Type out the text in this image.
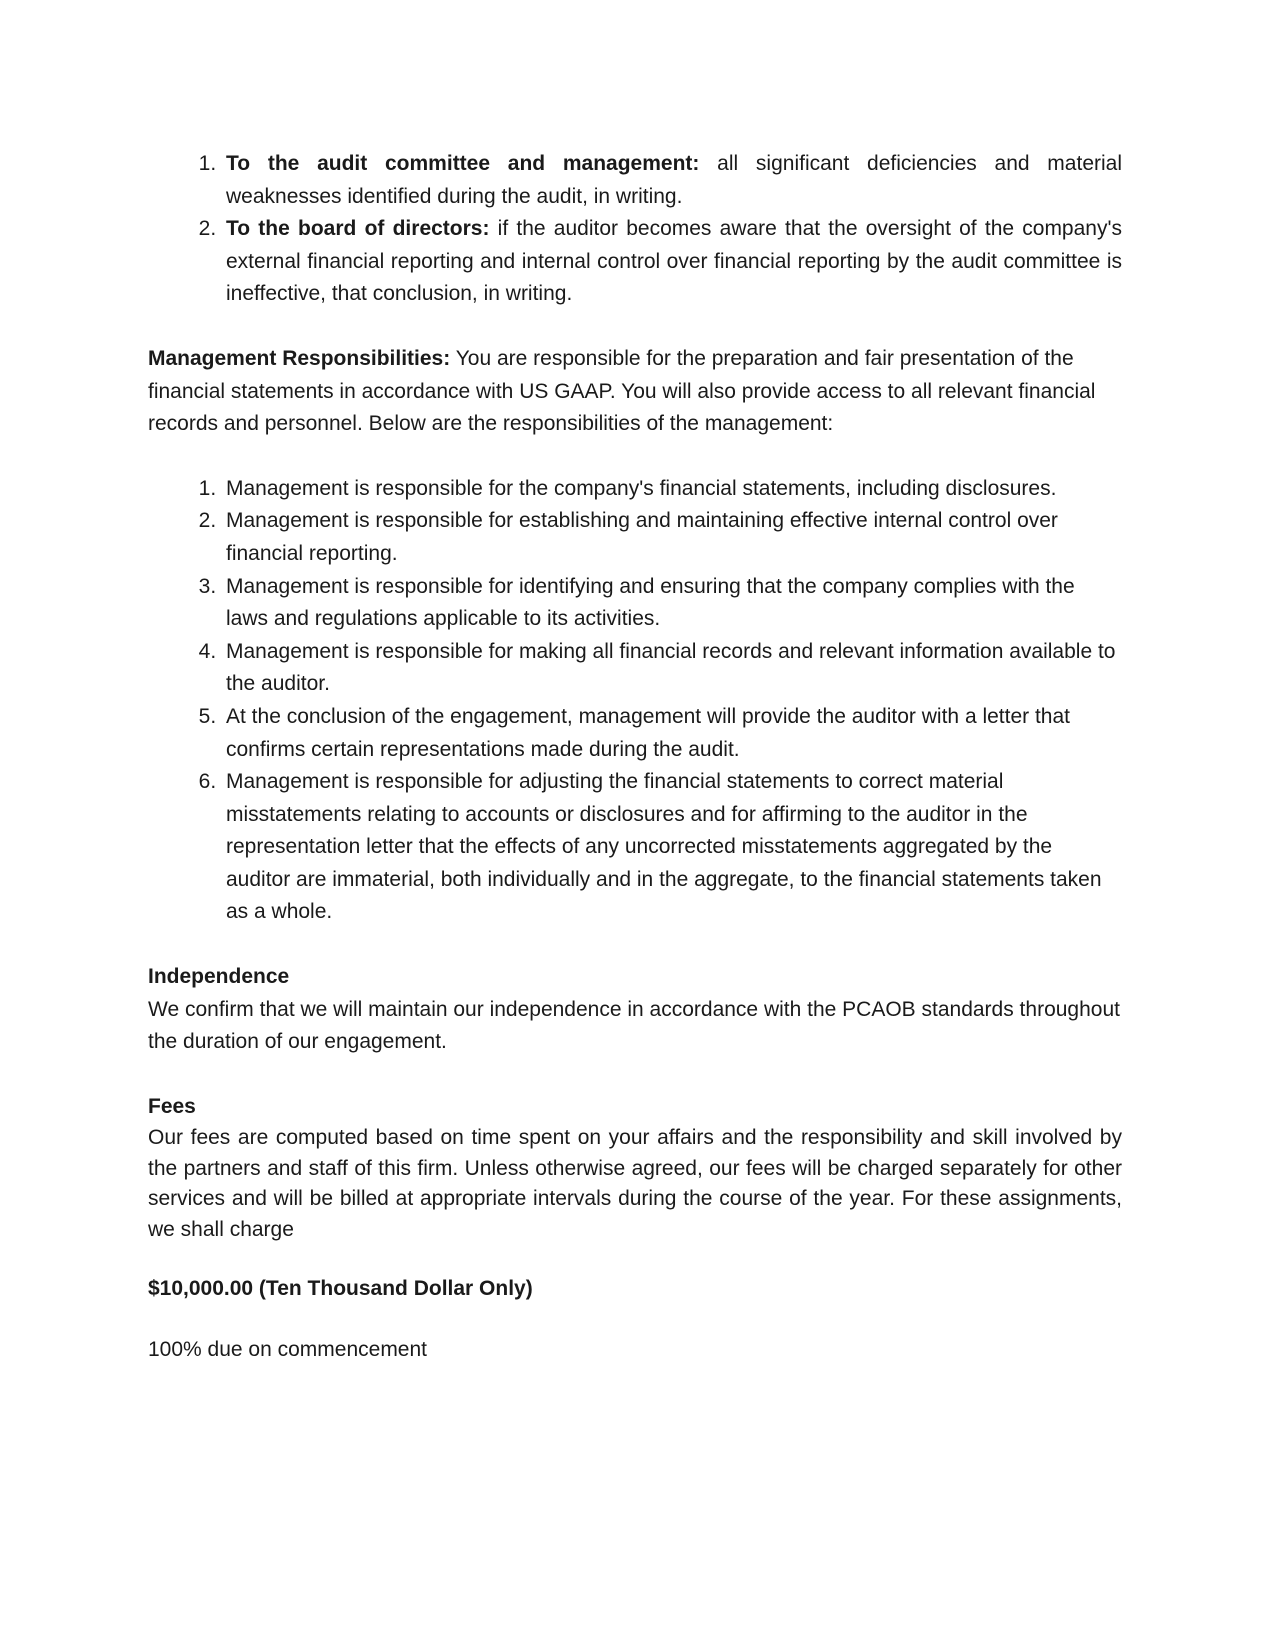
1. To the audit committee and management: all significant deficiencies and material weaknesses identified during the audit, in writing.
2. To the board of directors: if the auditor becomes aware that the oversight of the company's external financial reporting and internal control over financial reporting by the audit committee is ineffective, that conclusion, in writing.

Management Responsibilities: You are responsible for the preparation and fair presentation of the financial statements in accordance with US GAAP. You will also provide access to all relevant financial records and personnel. Below are the responsibilities of the management:

1. Management is responsible for the company's financial statements, including disclosures.
2. Management is responsible for establishing and maintaining effective internal control over financial reporting.
3. Management is responsible for identifying and ensuring that the company complies with the laws and regulations applicable to its activities.
4. Management is responsible for making all financial records and relevant information available to the auditor.
5. At the conclusion of the engagement, management will provide the auditor with a letter that confirms certain representations made during the audit.
6. Management is responsible for adjusting the financial statements to correct material misstatements relating to accounts or disclosures and for affirming to the auditor in the representation letter that the effects of any uncorrected misstatements aggregated by the auditor are immaterial, both individually and in the aggregate, to the financial statements taken as a whole.

Independence

We confirm that we will maintain our independence in accordance with the PCAOB standards throughout the duration of our engagement.

Fees

Our fees are computed based on time spent on your affairs and the responsibility and skill involved by the partners and staff of this firm. Unless otherwise agreed, our fees will be charged separately for other services and will be billed at appropriate intervals during the course of the year. For these assignments, we shall charge

$10,000.00 (Ten Thousand Dollar Only)

100% due on commencement
